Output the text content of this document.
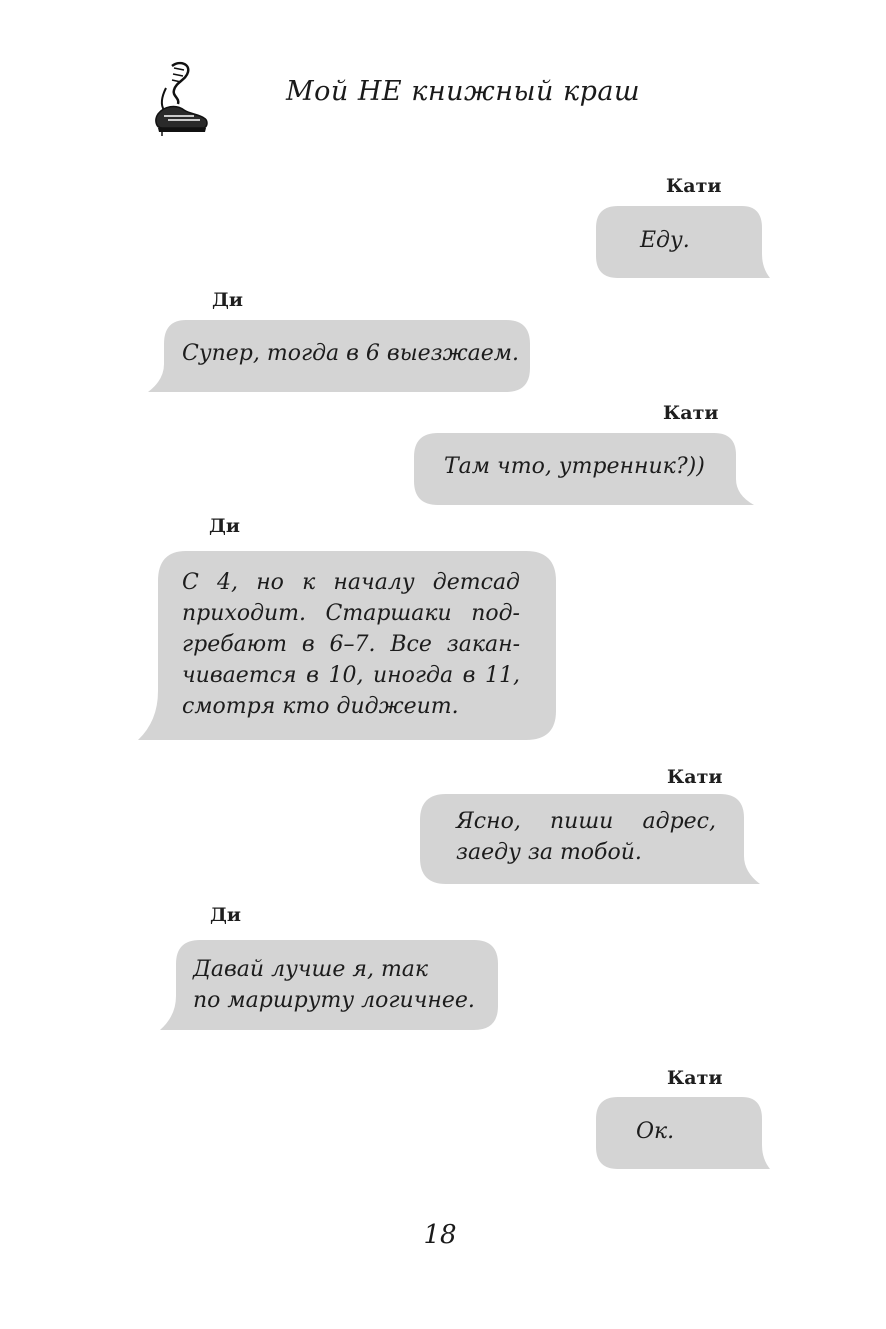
Мой НЕ книжный краш
Кати
Еду.
Ди
Супер, тогда в 6 выезжаем.
Кати
Там что, утренник?))
Ди
С 4, но к началу детсад
приходит. Старшаки под-
гребают в 6–7. Все закан-
чивается в 10, иногда в 11,
смотря кто диджеит.
Кати
Ясно, пиши адрес,
заеду за тобой.
Ди
Давай лучше я, так
по маршруту логичнее.
Кати
Ок.
18
